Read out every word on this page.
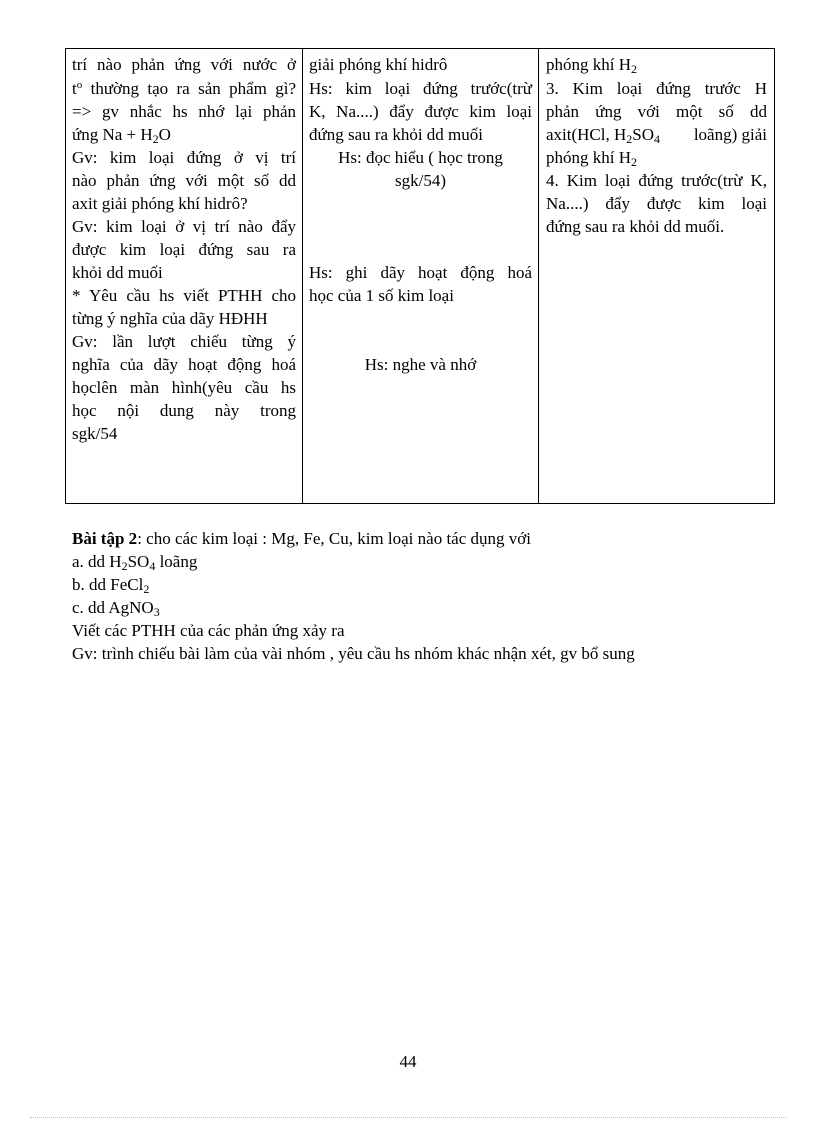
trí nào phản ứng với nước ở
$t^o$ thường tạo ra sản phẩm gì?
=> gv nhắc hs nhớ lại phản
ứng $Na + H_2O$
Gv: kim loại đứng ở vị trí
nào phản ứng với một số dd
axit giải phóng khí hidrô?
Gv: kim loại ở vị trí nào đẩy
được kim loại đứng sau ra
khỏi dd muối
* Yêu cầu hs viết PTHH cho
từng ý nghĩa của dãy HĐHH
Gv: lần lượt chiếu từng ý
nghĩa của dãy hoạt động hoá
họclên màn hình(yêu cầu hs
học nội dung này trong
sgk/54
giải phóng khí hidrô
Hs: kim loại đứng trước(trừ
K, Na....) đẩy được kim loại
đứng sau ra khỏi dd muối
Hs: đọc hiểu ( học trong
sgk/54)
Hs: ghi dãy hoạt động hoá
học của 1 số kim loại
Hs: nghe và nhớ
phóng khí $H_2$
3. Kim loại đứng trước H
phản ứng với một số dd
axit(HCl, $H_2SO_4$ loãng) giải
phóng khí $H_2$
4. Kim loại đứng trước(trừ K,
Na....) đẩy được kim loại
đứng sau ra khỏi dd muối.
Bài tập 2: cho các kim loại : Mg, Fe, Cu, kim loại nào tác dụng với
a. dd $H_2SO_4$ loãng
b. dd FeCl$_2$
c. dd AgNO$_3$
Viết các PTHH của các phản ứng xảy ra
Gv: trình chiếu bài làm của vài nhóm , yêu cầu hs nhóm khác nhận xét, gv bổ sung
44
